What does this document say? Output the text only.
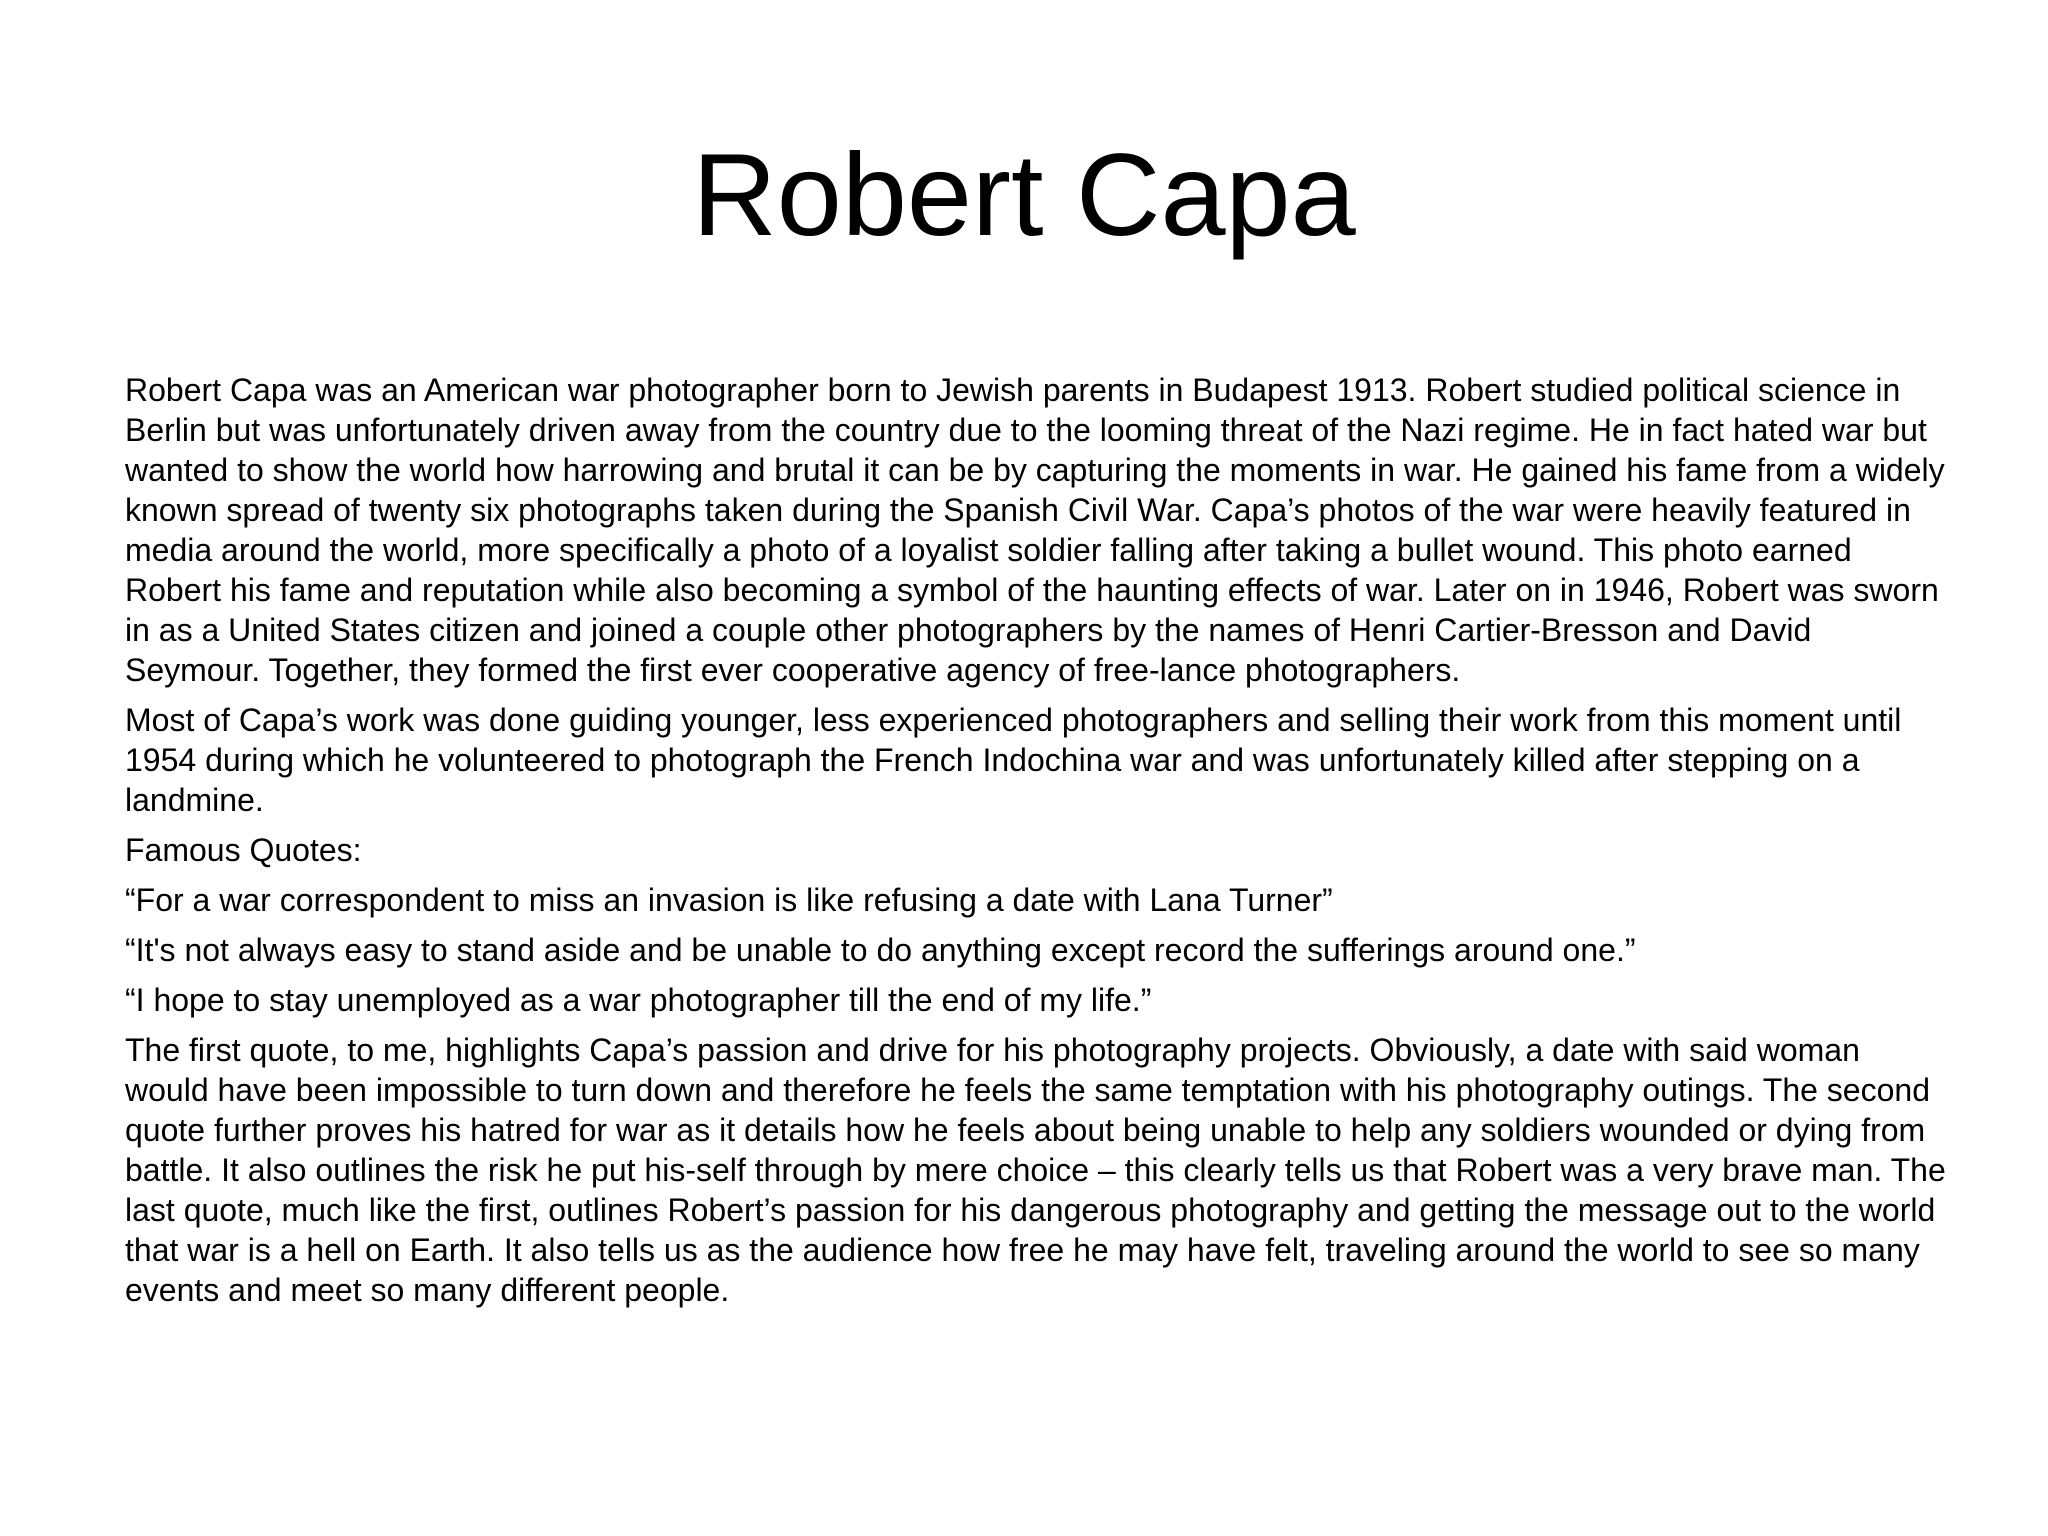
Robert Capa

Robert Capa was an American war photographer born to Jewish parents in Budapest 1913. Robert studied political science in Berlin but was unfortunately driven away from the country due to the looming threat of the Nazi regime. He in fact hated war but wanted to show the world how harrowing and brutal it can be by capturing the moments in war. He gained his fame from a widely known spread of twenty six photographs taken during the Spanish Civil War. Capa’s photos of the war were heavily featured in media around the world, more specifically a photo of a loyalist soldier falling after taking a bullet wound. This photo earned Robert his fame and reputation while also becoming a symbol of the haunting effects of war. Later on in 1946, Robert was sworn in as a United States citizen and joined a couple other photographers by the names of Henri Cartier-Bresson and David Seymour. Together, they formed the first ever cooperative agency of free-lance photographers.

Most of Capa’s work was done guiding younger, less experienced photographers and selling their work from this moment until 1954 during which he volunteered to photograph the French Indochina war and was unfortunately killed after stepping on a landmine.

Famous Quotes:

“For a war correspondent to miss an invasion is like refusing a date with Lana Turner”

“It's not always easy to stand aside and be unable to do anything except record the sufferings around one.”

“I hope to stay unemployed as a war photographer till the end of my life.”

The first quote, to me, highlights Capa’s passion and drive for his photography projects. Obviously, a date with said woman would have been impossible to turn down and therefore he feels the same temptation with his photography outings. The second quote further proves his hatred for war as it details how he feels about being unable to help any soldiers wounded or dying from battle. It also outlines the risk he put his-self through by mere choice – this clearly tells us that Robert was a very brave man. The last quote, much like the first, outlines Robert’s passion for his dangerous photography and getting the message out to the world that war is a hell on Earth. It also tells us as the audience how free he may have felt, traveling around the world to see so many events and meet so many different people.
